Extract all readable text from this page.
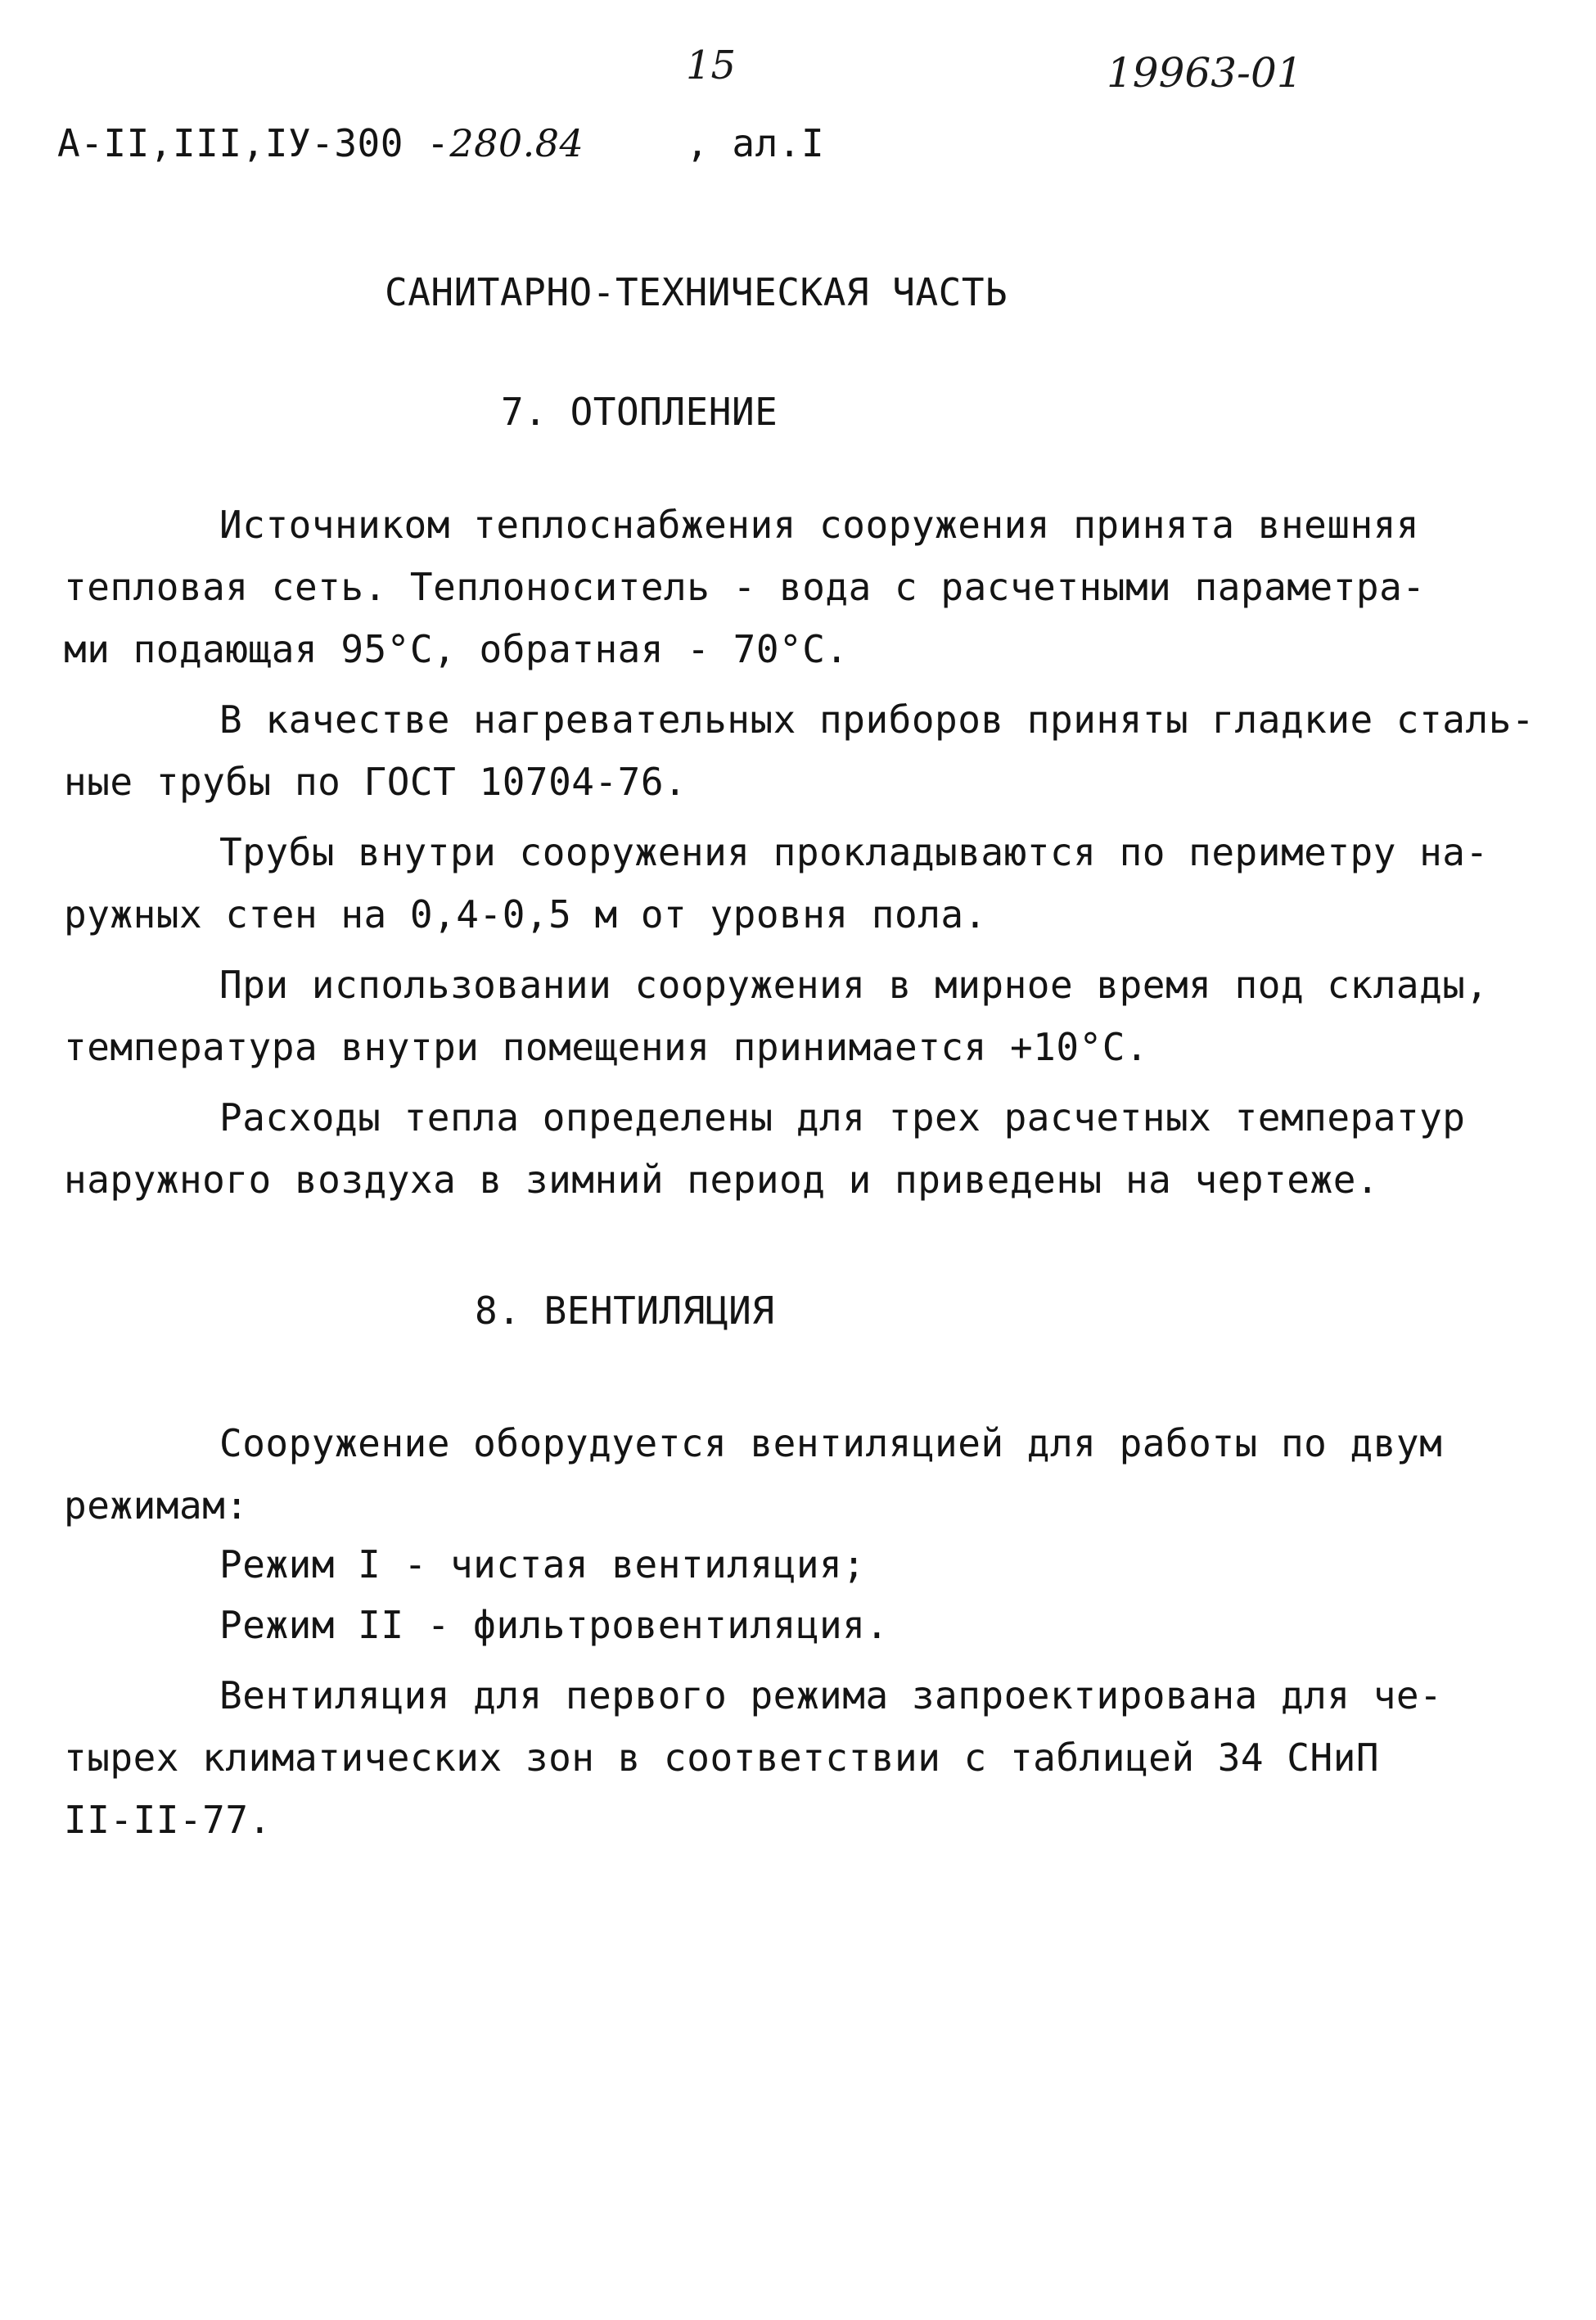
15	19963-01
А-II,III,IУ-300 -280.84	, ал.I
САНИТАРНО-ТЕХНИЧЕСКАЯ ЧАСТЬ
7. ОТОПЛЕНИЕ
Источником теплоснабжения сооружения принята внешняя
тепловая сеть. Теплоноситель - вода с расчетными параметра-
ми подающая 95°С, обратная - 70°С.
В качестве нагревательных приборов приняты гладкие сталь-
ные трубы по ГОСТ 10704-76.
Трубы внутри сооружения прокладываются по периметру на-
ружных стен на 0,4-0,5 м от уровня пола.
При использовании сооружения в мирное время под склады,
температура внутри помещения принимается +10°С.
Расходы тепла определены для трех расчетных температур
наружного воздуха в зимний период и приведены на чертеже.
8. ВЕНТИЛЯЦИЯ
Сооружение оборудуется вентиляцией для работы по двум
режимам:
Режим I - чистая вентиляция;
Режим II - фильтровентиляция.
Вентиляция для первого режима запроектирована для че-
тырех климатических зон в соответствии с таблицей 34 СНиП
II-II-77.
